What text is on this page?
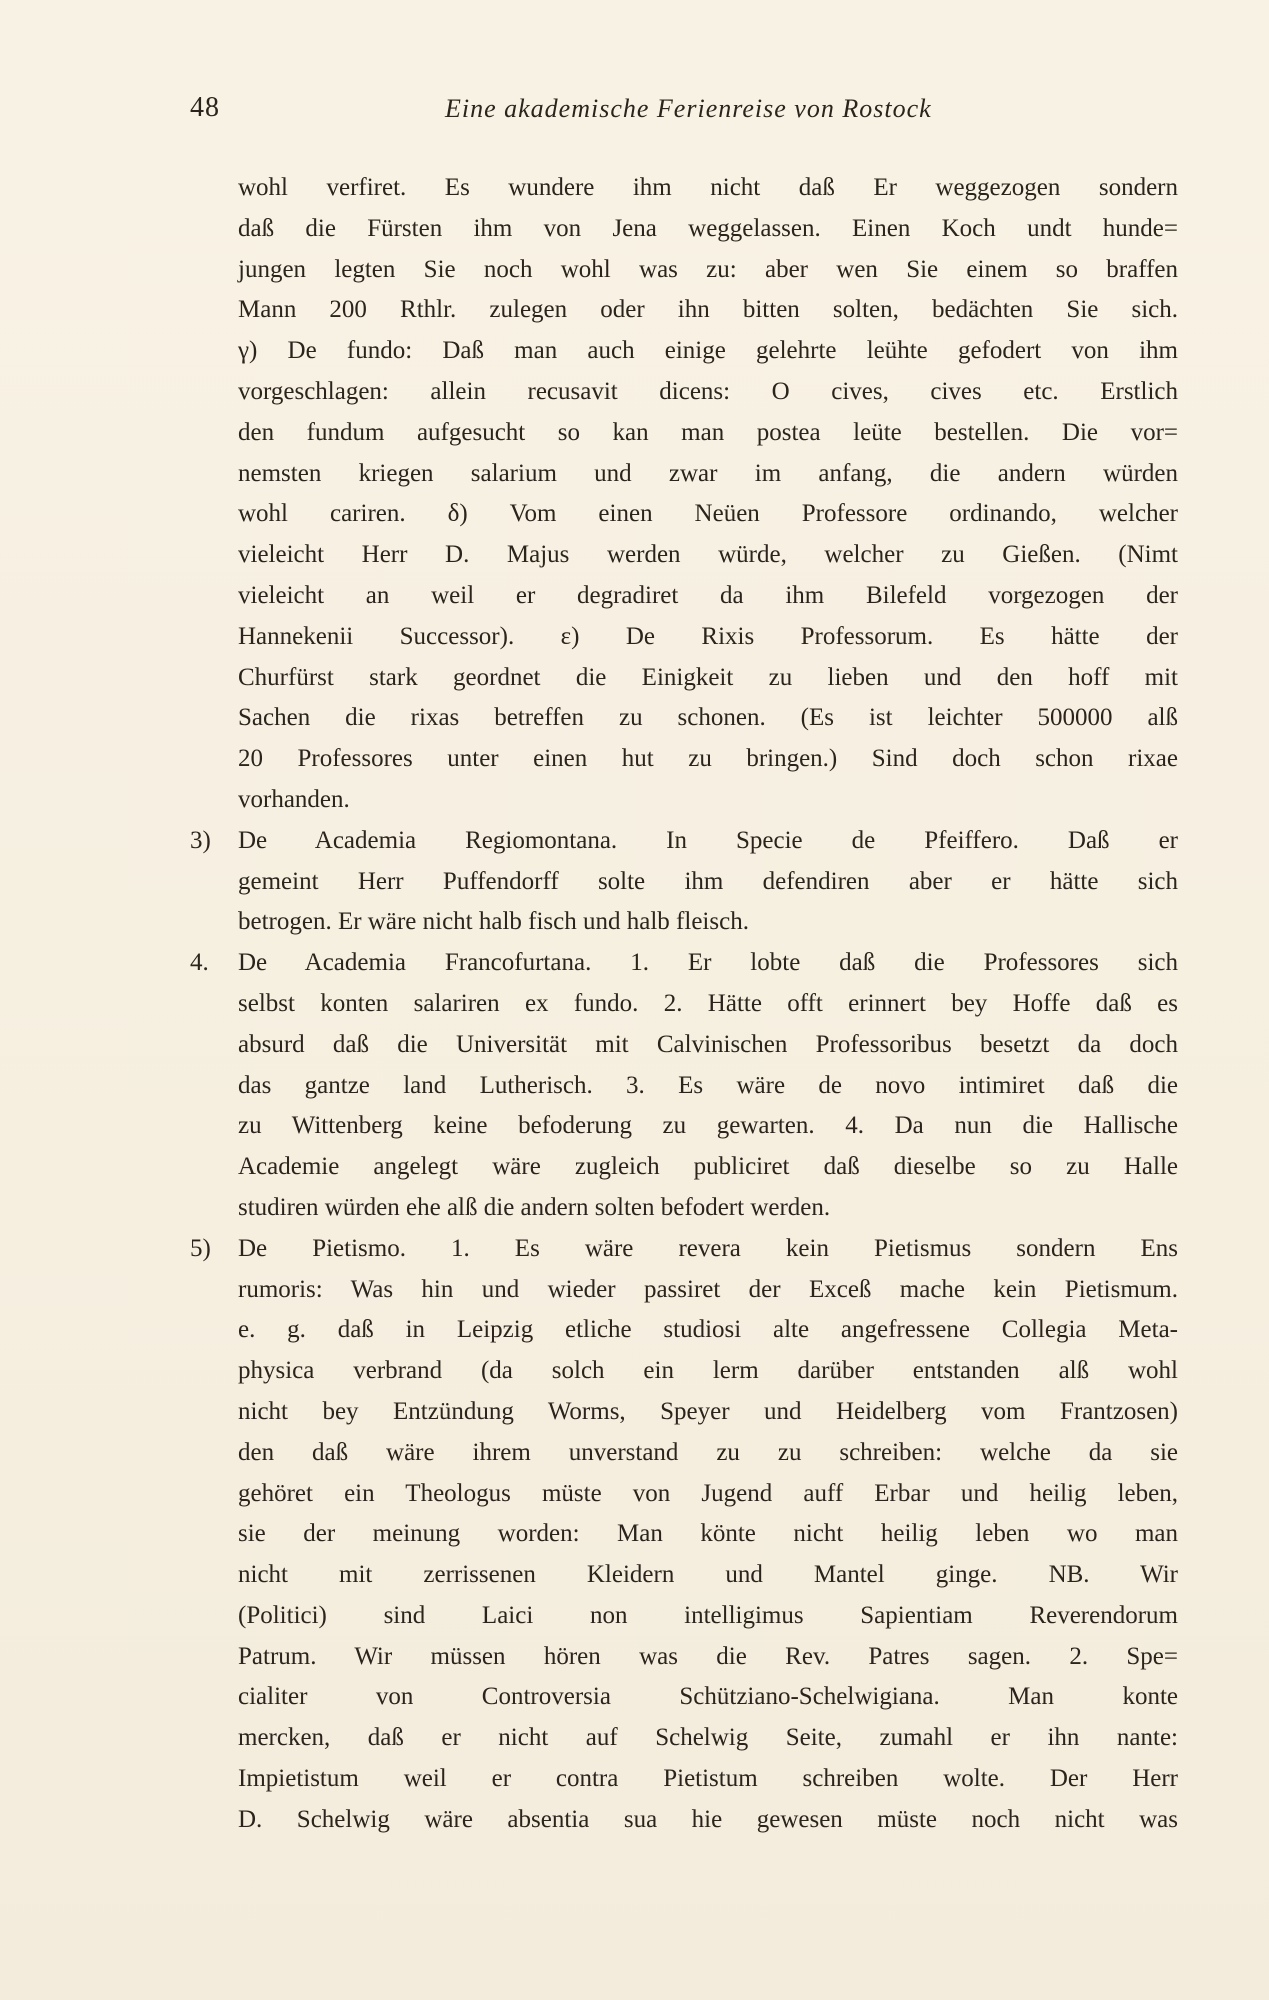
48	Eine akademische Ferienreise von Rostock
wohl verfiret. Es wundere ihm nicht daß Er weggezogen sondern
daß die Fürsten ihm von Jena weggelassen. Einen Koch undt hunde=
jungen legten Sie noch wohl was zu: aber wen Sie einem so braffen
Mann 200 Rthlr. zulegen oder ihn bitten solten, bedächten Sie sich.
γ) De fundo: Daß man auch einige gelehrte leühte gefodert von ihm
vorgeschlagen: allein recusavit dicens: O cives, cives etc. Erstlich
den fundum aufgesucht so kan man postea leüte bestellen. Die vor=
nemsten kriegen salarium und zwar im anfang, die andern würden
wohl cariren. δ) Vom einen Neüen Professore ordinando, welcher
vieleicht Herr D. Majus werden würde, welcher zu Gießen. (Nimt
vieleicht an weil er degradiret da ihm Bilefeld vorgezogen der
Hannekenii Successor). ε) De Rixis Professorum. Es hätte der
Churfürst stark geordnet die Einigkeit zu lieben und den hoff mit
Sachen die rixas betreffen zu schonen. (Es ist leichter 500000 alß
20 Professores unter einen hut zu bringen.) Sind doch schon rixae
vorhanden.
3)	De Academia Regiomontana. In Specie de Pfeiffero. Daß er
gemeint Herr Puffendorff solte ihm defendiren aber er hätte sich
betrogen. Er wäre nicht halb fisch und halb fleisch.
4.	De Academia Francofurtana. 1. Er lobte daß die Professores sich
selbst konten salariren ex fundo. 2. Hätte offt erinnert bey Hoffe daß es
absurd daß die Universität mit Calvinischen Professoribus besetzt da doch
das gantze land Lutherisch. 3. Es wäre de novo intimiret daß die
zu Wittenberg keine befoderung zu gewarten. 4. Da nun die Hallische
Academie angelegt wäre zugleich publiciret daß dieselbe so zu Halle
studiren würden ehe alß die andern solten befodert werden.
5)	De Pietismo. 1. Es wäre revera kein Pietismus sondern Ens
rumoris: Was hin und wieder passiret der Exceß mache kein Pietismum.
e. g. daß in Leipzig etliche studiosi alte angefressene Collegia Meta-
physica verbrand (da solch ein lerm darüber entstanden alß wohl
nicht bey Entzündung Worms, Speyer und Heidelberg vom Frantzosen)
den daß wäre ihrem unverstand zu zu schreiben: welche da sie
gehöret ein Theologus müste von Jugend auff Erbar und heilig leben,
sie der meinung worden: Man könte nicht heilig leben wo man
nicht mit zerrissenen Kleidern und Mantel ginge. NB. Wir
(Politici) sind Laici non intelligimus Sapientiam Reverendorum
Patrum. Wir müssen hören was die Rev. Patres sagen. 2. Spe=
cialiter von Controversia Schütziano-Schelwigiana. Man konte
mercken, daß er nicht auf Schelwig Seite, zumahl er ihn nante:
Impietistum weil er contra Pietistum schreiben wolte. Der Herr
D. Schelwig wäre absentia sua hie gewesen müste noch nicht was
